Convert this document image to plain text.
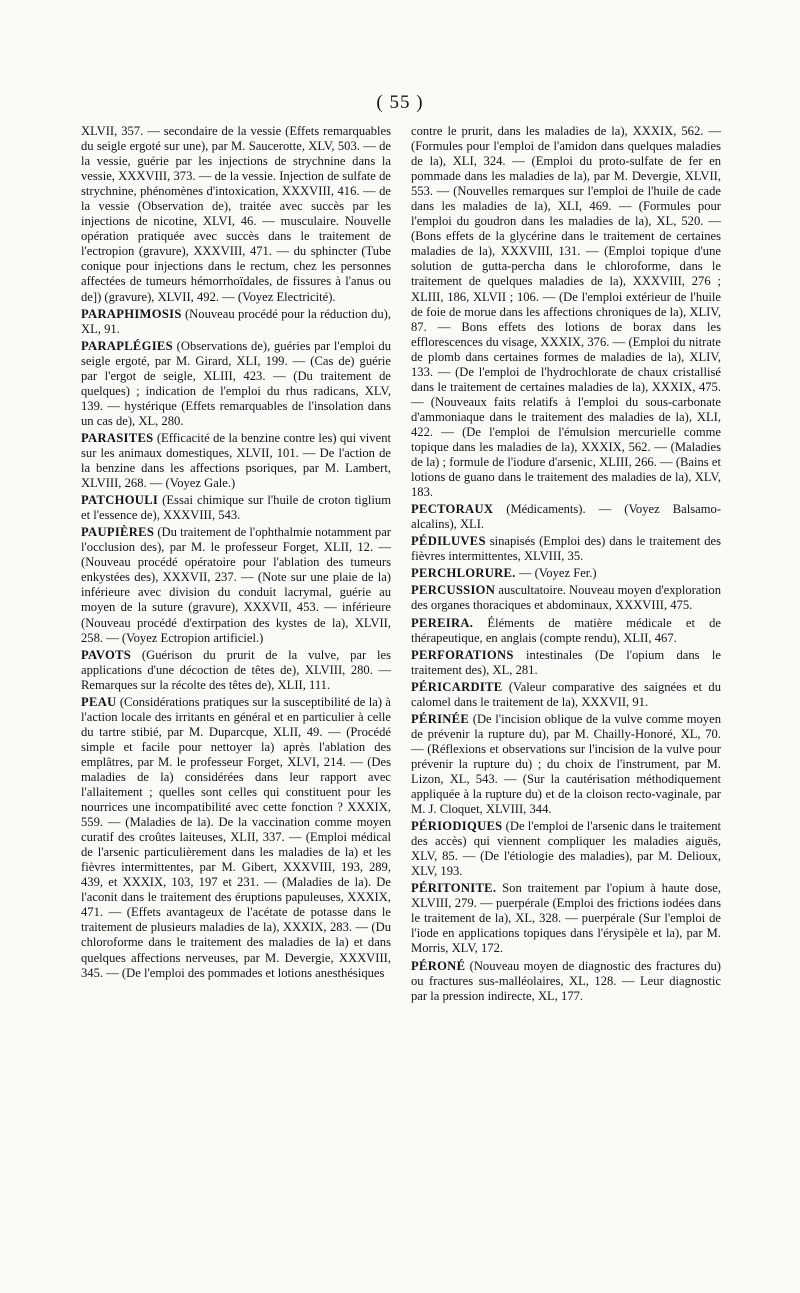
( 55 )

XLVII, 357. — secondaire de la vessie (Effets remarquables du seigle ergoté sur une), par M. Saucerotte, XLV, 503. — de la vessie, guérie par les injections de strychnine dans la vessie, XXXVIII, 373. — de la vessie. Injection de sulfate de strychnine, phénomènes d'intoxication, XXXVIII, 416. — de la vessie (Observation de), traitée avec succès par les injections de nicotine, XLVI, 46. — musculaire. Nouvelle opération pratiquée avec succès dans le traitement de l'ectropion (gravure), XXXVIII, 471. — du sphincter (Tube conique pour injections dans le rectum, chez les personnes affectées de tumeurs hémorrhoïdales, de fissures à l'anus ou de]) (gravure), XLVII, 492. — (Voyez Electricité).

PARAPHIMOSIS (Nouveau procédé pour la réduction du), XL, 91.

PARAPLÉGIES (Observations de), guéries par l'emploi du seigle ergoté, par M. Girard, XLI, 199. — (Cas de) guérie par l'ergot de seigle, XLIII, 423. — (Du traitement de quelques) ; indication de l'emploi du rhus radicans, XLV, 139. — hystérique (Effets remarquables de l'insolation dans un cas de), XL, 280.

PARASITES (Efficacité de la benzine contre les) qui vivent sur les animaux domestiques, XLVII, 101. — De l'action de la benzine dans les affections psoriques, par M. Lambert, XLVIII, 268. — (Voyez Gale.)

PATCHOULI (Essai chimique sur l'huile de croton tiglium et l'essence de), XXXVIII, 543.

PAUPIÈRES (Du traitement de l'ophthalmie notamment par l'occlusion des), par M. le professeur Forget, XLII, 12. — (Nouveau procédé opératoire pour l'ablation des tumeurs enkystées des), XXXVII, 237. — (Note sur une plaie de la) inférieure avec division du conduit lacrymal, guérie au moyen de la suture (gravure), XXXVII, 453. — inférieure (Nouveau procédé d'extirpation des kystes de la), XLVII, 258. — (Voyez Ectropion artificiel.)

PAVOTS (Guérison du prurit de la vulve, par les applications d'une décoction de têtes de), XLVIII, 280. — Remarques sur la récolte des têtes de), XLII, 111.

PEAU (Considérations pratiques sur la susceptibilité de la) à l'action locale des irritants en général et en particulier à celle du tartre stibié, par M. Duparcque, XLII, 49. — (Procédé simple et facile pour nettoyer la) après l'ablation des emplâtres, par M. le professeur Forget, XLVI, 214. — (Des maladies de la) considérées dans leur rapport avec l'allaitement ; quelles sont celles qui constituent pour les nourrices une incompatibilité avec cette fonction ? XXXIX, 559. — (Maladies de la). De la vaccination comme moyen curatif des croûtes laiteuses, XLII, 337. — (Emploi médical de l'arsenic particulièrement dans les maladies de la) et les fièvres intermittentes, par M. Gibert, XXXVIII, 193, 289, 439, et XXXIX, 103, 197 et 231. — (Maladies de la). De l'aconit dans le traitement des éruptions papuleuses, XXXIX, 471. — (Effets avantageux de l'acétate de potasse dans le traitement de plusieurs maladies de la), XXXIX, 283. — (Du chloroforme dans le traitement des maladies de la) et dans quelques affections nerveuses, par M. Devergie, XXXVIII, 345. — (De l'emploi des pommades et lotions anesthésiques

contre le prurit, dans les maladies de la), XXXIX, 562. — (Formules pour l'emploi de l'amidon dans quelques maladies de la), XLI, 324. — (Emploi du proto-sulfate de fer en pommade dans les maladies de la), par M. Devergie, XLVII, 553. — (Nouvelles remarques sur l'emploi de l'huile de cade dans les maladies de la), XLI, 469. — (Formules pour l'emploi du goudron dans les maladies de la), XL, 520. — (Bons effets de la glycérine dans le traitement de certaines maladies de la), XXXVIII, 131. — (Emploi topique d'une solution de gutta-percha dans le chloroforme, dans le traitement de quelques maladies de la), XXXVIII, 276 ; XLIII, 186, XLVII ; 106. — (De l'emploi extérieur de l'huile de foie de morue dans les affections chroniques de la), XLIV, 87. — Bons effets des lotions de borax dans les efflorescences du visage, XXXIX, 376. — (Emploi du nitrate de plomb dans certaines formes de maladies de la), XLIV, 133. — (De l'emploi de l'hydrochlorate de chaux cristallisé dans le traitement de certaines maladies de la), XXXIX, 475. — (Nouveaux faits relatifs à l'emploi du sous-carbonate d'ammoniaque dans le traitement des maladies de la), XLI, 422. — (De l'emploi de l'émulsion mercurielle comme topique dans les maladies de la), XXXIX, 562. — (Maladies de la) ; formule de l'iodure d'arsenic, XLIII, 266. — (Bains et lotions de guano dans le traitement des maladies de la), XLV, 183.

PECTORAUX (Médicaments). — (Voyez Balsamo-alcalins), XLI.

PÉDILUVES sinapisés (Emploi des) dans le traitement des fièvres intermittentes, XLVIII, 35.

PERCHLORURE. — (Voyez Fer.)

PERCUSSION auscultatoire. Nouveau moyen d'exploration des organes thoraciques et abdominaux, XXXVIII, 475.

PEREIRA. Éléments de matière médicale et de thérapeutique, en anglais (compte rendu), XLII, 467.

PERFORATIONS intestinales (De l'opium dans le traitement des), XL, 281.

PÉRICARDITE (Valeur comparative des saignées et du calomel dans le traitement de la), XXXVII, 91.

PÉRINÉE (De l'incision oblique de la vulve comme moyen de prévenir la rupture du), par M. Chailly-Honoré, XL, 70. — (Réflexions et observations sur l'incision de la vulve pour prévenir la rupture du) ; du choix de l'instrument, par M. Lizon, XL, 543. — (Sur la cautérisation méthodiquement appliquée à la rupture du) et de la cloison recto-vaginale, par M. J. Cloquet, XLVIII, 344.

PÉRIODIQUES (De l'emploi de l'arsenic dans le traitement des accès) qui viennent compliquer les maladies aiguës, XLV, 85. — (De l'étiologie des maladies), par M. Delioux, XLV, 193.

PÉRITONITE. Son traitement par l'opium à haute dose, XLVIII, 279. — puerpérale (Emploi des frictions iodées dans le traitement de la), XL, 328. — puerpérale (Sur l'emploi de l'iode en applications topiques dans l'érysipèle et la), par M. Morris, XLV, 172.

PÉRONÉ (Nouveau moyen de diagnostic des fractures du) ou fractures sus-malléolaires, XL, 128. — Leur diagnostic par la pression indirecte, XL, 177.
